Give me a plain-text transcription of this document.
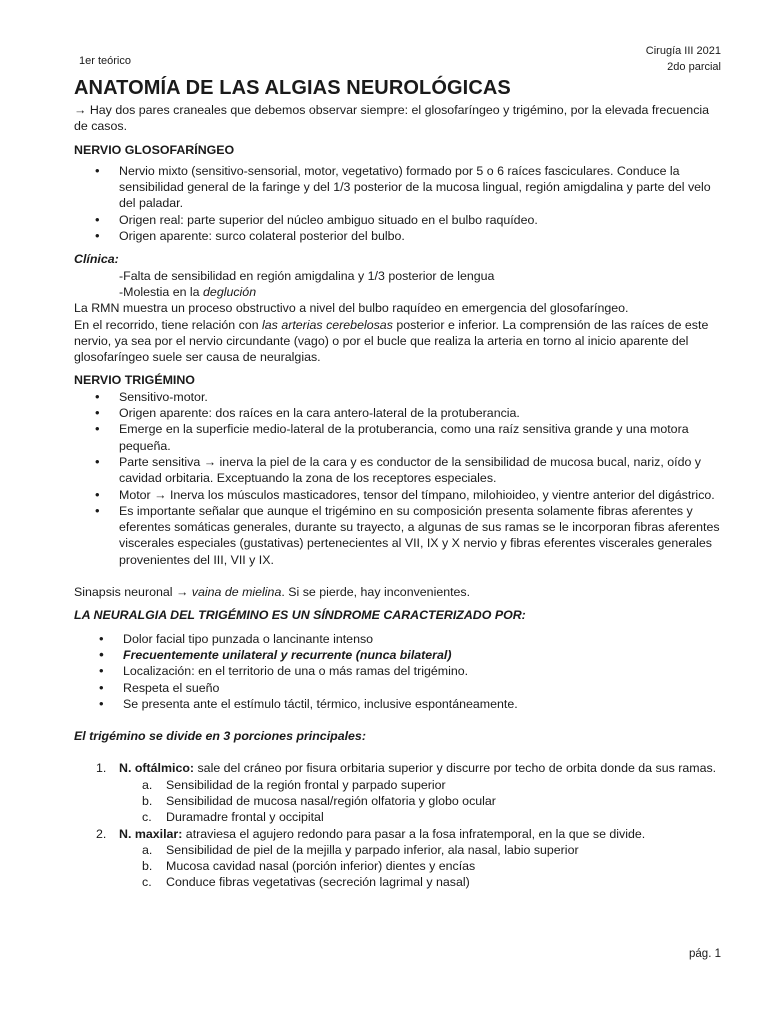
1er teórico
Cirugía III 2021
2do parcial
ANATOMÍA DE LAS ALGIAS NEUROLÓGICAS

→ Hay dos pares craneales que debemos observar siempre: el glosofaríngeo y trigémino, por la elevada frecuencia de casos.

NERVIO GLOSOFARÍNGEO

• Nervio mixto (sensitivo-sensorial, motor, vegetativo) formado por 5 o 6 raíces fasciculares. Conduce la sensibilidad general de la faringe y del 1/3 posterior de la mucosa lingual, región amigdalina y parte del velo del paladar.
• Origen real: parte superior del núcleo ambiguo situado en el bulbo raquídeo.
• Origen aparente: surco colateral posterior del bulbo.

Clínica:

-Falta de sensibilidad en región amigdalina y 1/3 posterior de lengua

-Molestia en la deglución

La RMN muestra un proceso obstructivo a nivel del bulbo raquídeo en emergencia del glosofaríngeo.

En el recorrido, tiene relación con las arterias cerebelosas posterior e inferior. La comprensión de las raíces de este nervio, ya sea por el nervio circundante (vago) o por el bucle que realiza la arteria en torno al inicio aparente del glosofaríngeo suele ser causa de neuralgias.

NERVIO TRIGÉMINO

• Sensitivo-motor.
• Origen aparente: dos raíces en la cara antero-lateral de la protuberancia.
• Emerge en la superficie medio-lateral de la protuberancia, como una raíz sensitiva grande y una motora pequeña.
• Parte sensitiva → inerva la piel de la cara y es conductor de la sensibilidad de mucosa bucal, nariz, oído y cavidad orbitaria. Exceptuando la zona de los receptores especiales.
• Motor → Inerva los músculos masticadores, tensor del tímpano, milohioideo, y vientre anterior del digástrico.
• Es importante señalar que aunque el trigémino en su composición presenta solamente fibras aferentes y eferentes somáticas generales, durante su trayecto, a algunas de sus ramas se le incorporan fibras aferentes viscerales especiales (gustativas) pertenecientes al VII, IX y X nervio y fibras eferentes viscerales generales provenientes del III, VII y IX.

Sinapsis neuronal → vaina de mielina. Si se pierde, hay inconvenientes.

LA NEURALGIA DEL TRIGÉMINO ES UN SÍNDROME CARACTERIZADO POR:

• Dolor facial tipo punzada o lancinante intenso
• Frecuentemente unilateral y recurrente (nunca bilateral)
• Localización: en el territorio de una o más ramas del trigémino.
• Respeta el sueño
• Se presenta ante el estímulo táctil, térmico, inclusive espontáneamente.

El trigémino se divide en 3 porciones principales:

1. N. oftálmico: sale del cráneo por fisura orbitaria superior y discurre por techo de orbita donde da sus ramas.
a. Sensibilidad de la región frontal y parpado superior
b. Sensibilidad de mucosa nasal/región olfatoria y globo ocular
c. Duramadre frontal y occipital
2. N. maxilar: atraviesa el agujero redondo para pasar a la fosa infratemporal, en la que se divide.
a. Sensibilidad de piel de la mejilla y parpado inferior, ala nasal, labio superior
b. Mucosa cavidad nasal (porción inferior) dientes y encías
c. Conduce fibras vegetativas (secreción lagrimal y nasal)
pág. 1
